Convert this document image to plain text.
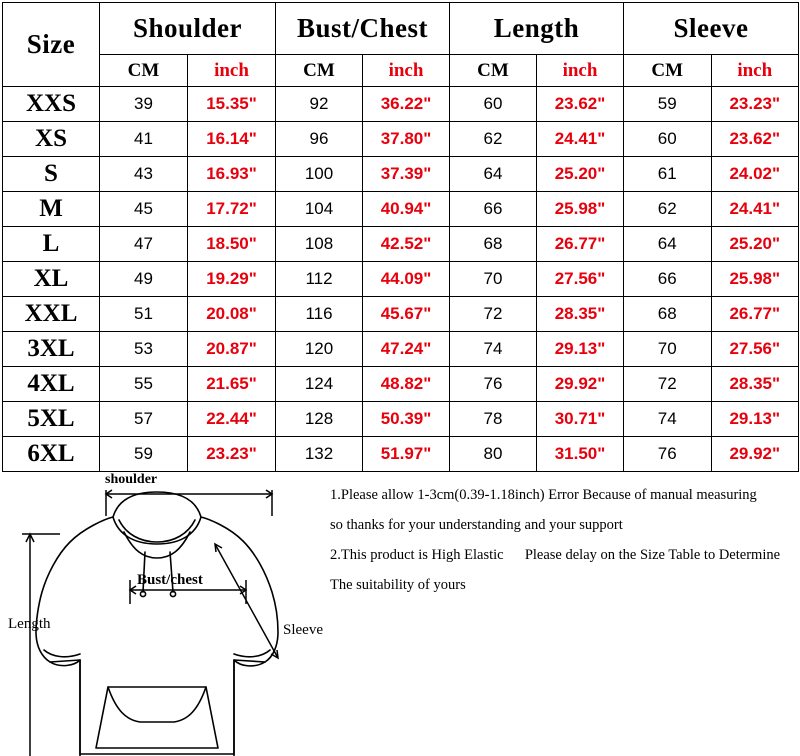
Size	Shoulder		Bust/Chest		Length		Sleeve	
	CM	inch	CM	inch	CM	inch	CM	inch
XXS	39	15.35"	92	36.22"	60	23.62"	59	23.23"
XS	41	16.14"	96	37.80"	62	24.41"	60	23.62"
S	43	16.93"	100	37.39"	64	25.20"	61	24.02"
M	45	17.72"	104	40.94"	66	25.98"	62	24.41"
L	47	18.50"	108	42.52"	68	26.77"	64	25.20"
XL	49	19.29"	112	44.09"	70	27.56"	66	25.98"
XXL	51	20.08"	116	45.67"	72	28.35"	68	26.77"
3XL	53	20.87"	120	47.24"	74	29.13"	70	27.56"
4XL	55	21.65"	124	48.82"	76	29.92"	72	28.35"
5XL	57	22.44"	128	50.39"	78	30.71"	74	29.13"
6XL	59	23.23"	132	51.97"	80	31.50"	76	29.92"
1.Please allow 1-3cm(0.39-1.18inch) Error Because of manual measuring
so thanks for your understanding and your support
2.This product is High Elastic Please delay on the Size Table to Determine
The suitability of yours
shoulder
Bust/chest
Length	Sleeve
